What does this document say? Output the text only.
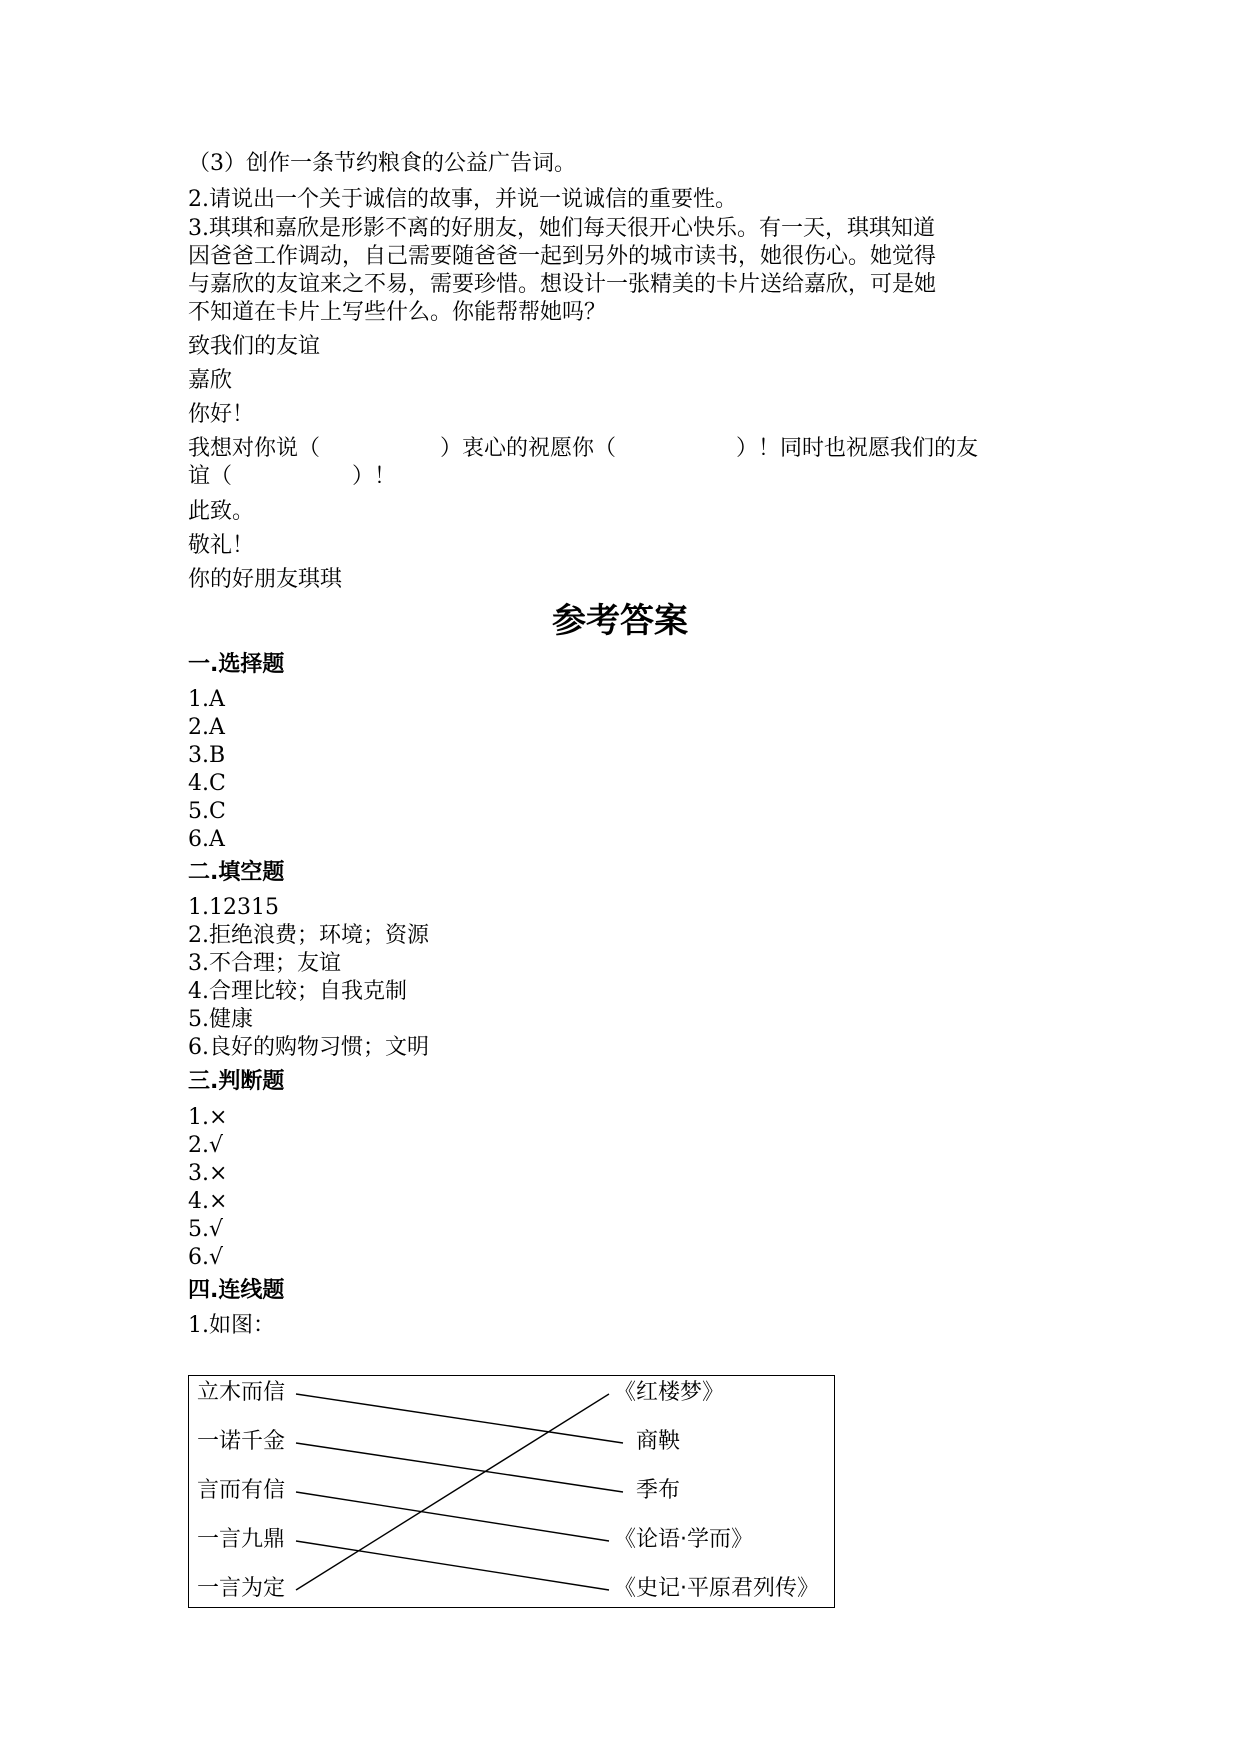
（3）创作一条节约粮食的公益广告词。
2.请说出一个关于诚信的故事，并说一说诚信的重要性。
3.琪琪和嘉欣是形影不离的好朋友，她们每天很开心快乐。有一天，琪琪知道
因爸爸工作调动，自己需要随爸爸一起到另外的城市读书，她很伤心。她觉得
与嘉欣的友谊来之不易，需要珍惜。想设计一张精美的卡片送给嘉欣，可是她
不知道在卡片上写些什么。你能帮帮她吗？
致我们的友谊
嘉欣
你好！
我想对你说（	）衷心的祝愿你（	）！同时也祝愿我们的友
谊（	）！
此致。
敬礼！
你的好朋友琪琪
参考答案
一.选择题
1.A
2.A
3.B
4.C
5.C
6.A
二.填空题
1.12315
2.拒绝浪费；环境；资源
3.不合理；友谊
4.合理比较；自我克制
5.健康
6.良好的购物习惯；文明
三.判断题
1.×
2.√
3.×
4.×
5.√
6.√
四.连线题
1.如图：
立木而信
一诺千金
言而有信
一言九鼎
一言为定
《红楼梦》
商鞅
季布
《论语·学而》
《史记·平原君列传》
